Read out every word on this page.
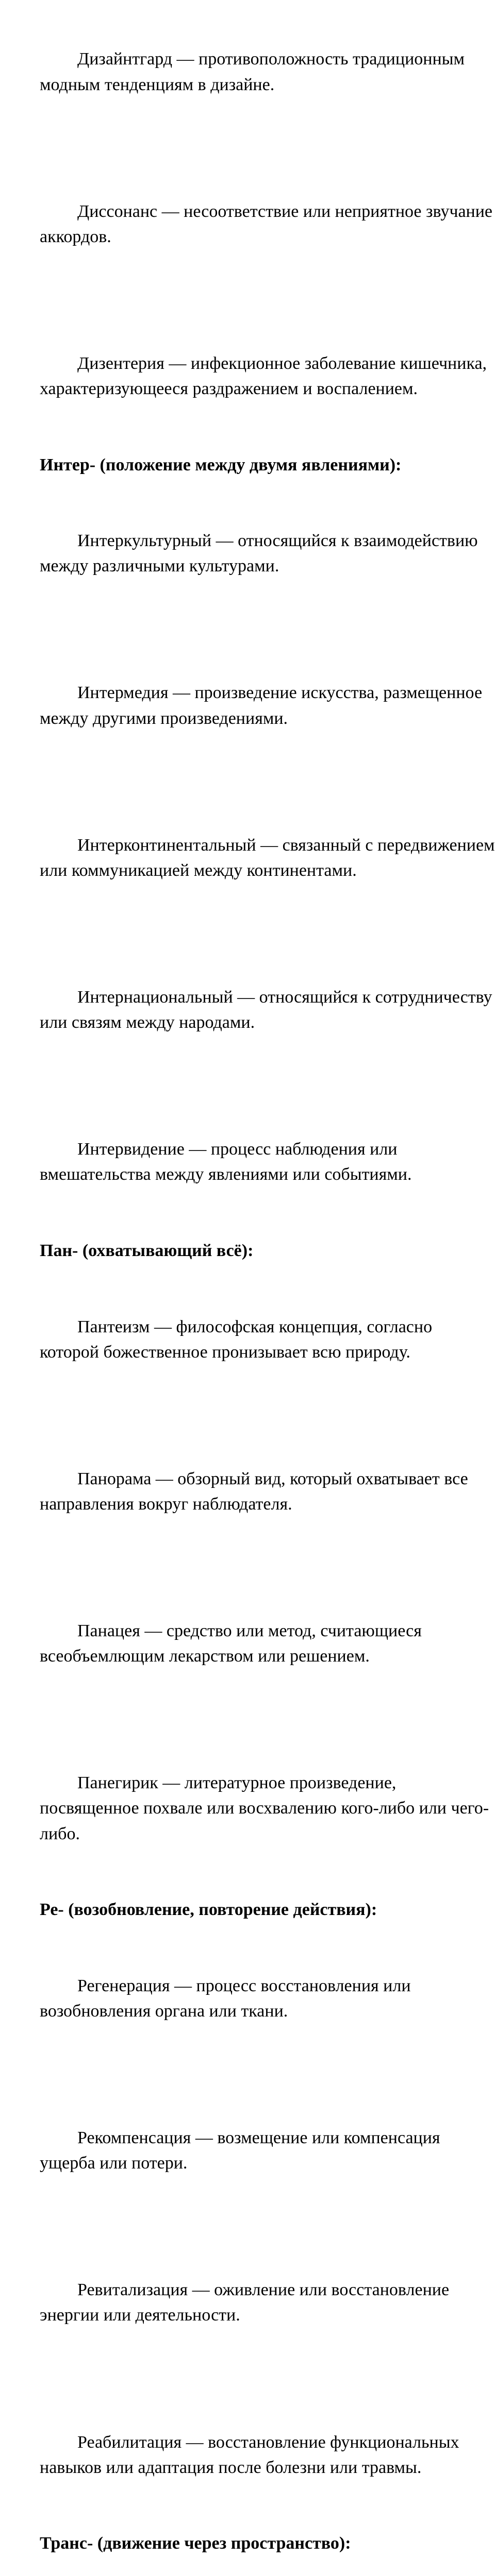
Дизайнтгард — противоположность традиционным
модным тенденциям в дизайне.

Диссонанс — несоответствие или неприятное звучание
аккордов.

Дизентерия — инфекционное заболевание кишечника,
характеризующееся раздражением и воспалением.

Интер- (положение между двумя явлениями):

Интеркультурный — относящийся к взаимодействию
между различными культурами.

Интермедия — произведение искусства, размещенное
между другими произведениями.

Интерконтинентальный — связанный с передвижением
или коммуникацией между континентами.

Интернациональный — относящийся к сотрудничеству
или связям между народами.

Интервидение — процесс наблюдения или
вмешательства между явлениями или событиями.

Пан- (охватывающий всё):

Пантеизм — философская концепция, согласно
которой божественное пронизывает всю природу.

Панорама — обзорный вид, который охватывает все
направления вокруг наблюдателя.

Панацея — средство или метод, считающиеся
всеобъемлющим лекарством или решением.

Панегирик — литературное произведение,
посвященное похвале или восхвалению кого-либо или чего-
либо.

Ре- (возобновление, повторение действия):

Регенерация — процесс восстановления или
возобновления органа или ткани.

Рекомпенсация — возмещение или компенсация
ущерба или потери.

Ревитализация — оживление или восстановление
энергии или деятельности.

Реабилитация — восстановление функциональных
навыков или адаптация после болезни или травмы.

Транс- (движение через пространство):
